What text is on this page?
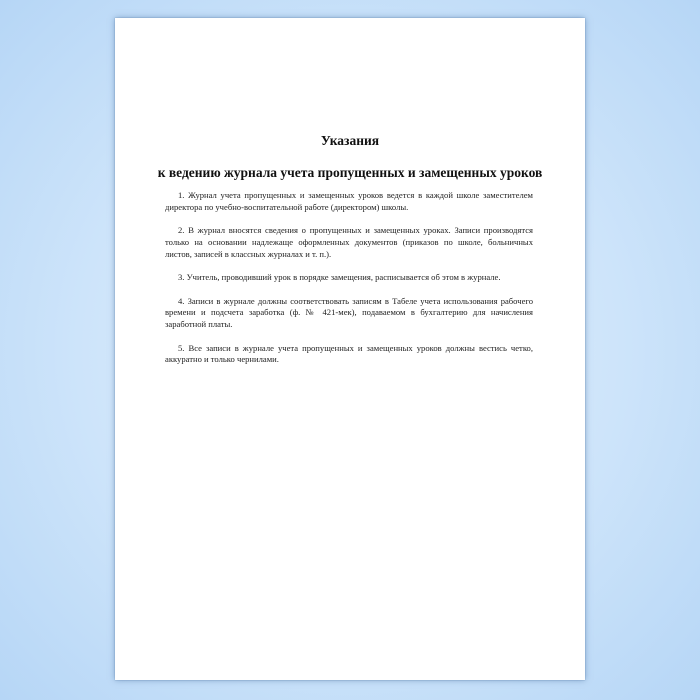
Указания
к ведению журнала учета пропущенных и замещенных уроков

1. Журнал учета пропущенных и замещенных уроков ведется в каждой школе заместителем директора по учебно-воспитательной работе (директором) школы.

2. В журнал вносятся сведения о пропущенных и замещенных уроках. Записи производятся только на основании надлежаще оформленных документов (приказов по школе, больничных листов, записей в классных журналах и т. п.).

3. Учитель, проводивший урок в порядке замещения, расписывается об этом в журнале.

4. Записи в журнале должны соответствовать записям в Табеле учета использования рабочего времени и подсчета заработка (ф. № 421-мек), подаваемом в бухгалтерию для начисления заработной платы.

5. Все записи в журнале учета пропущенных и замещенных уроков должны вестись четко, аккуратно и только чернилами.
